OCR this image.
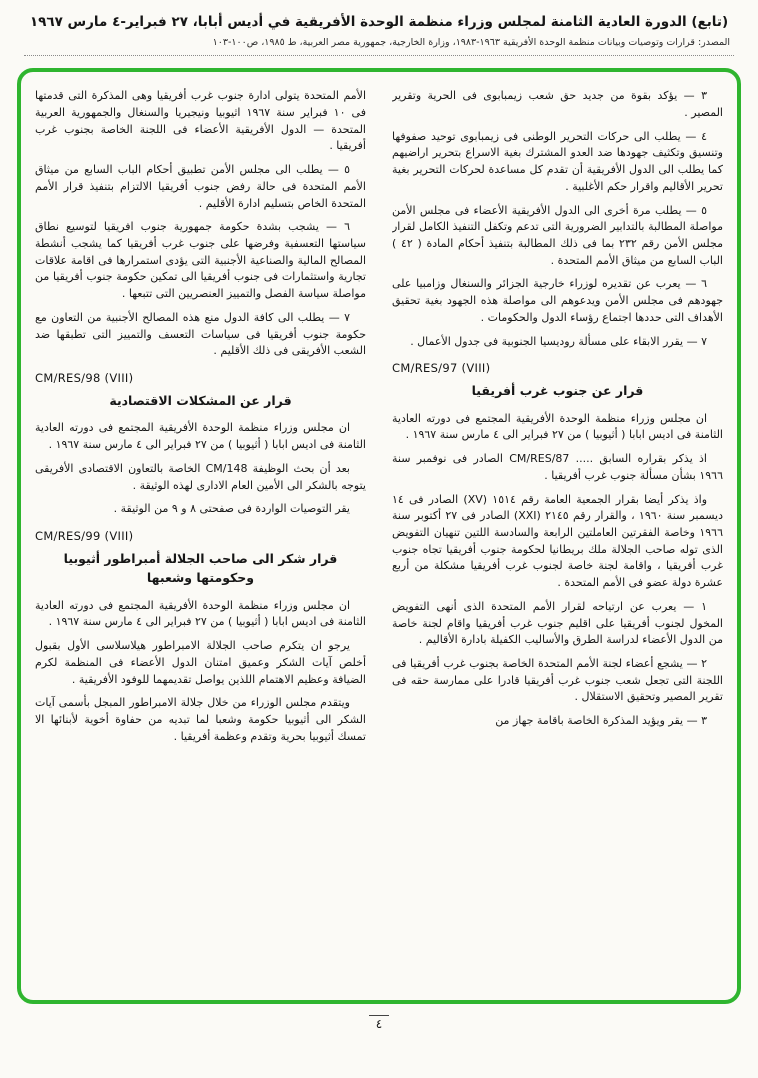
(تابع) الدورة العادية الثامنة لمجلس وزراء منظمة الوحدة الأفريقية في أديس أبابا، ٢٧ فبراير-٤ مارس ١٩٦٧
المصدر: قرارات وتوصيات وبيانات منظمة الوحدة الأفريقية ١٩٦٣-١٩٨٣، وزارة الخارجية، جمهورية مصر العربية، ط ١٩٨٥، ص١٠٠-١٠٣
٣ — يؤكد بقوة من جديد حق شعب زيمبابوى فى الحرية وتقرير المصير .
٤ — يطلب الى حركات التحرير الوطنى فى زيمبابوى توحيد صفوفها وتنسيق وتكثيف جهودها ضد العدو المشترك بغية الاسراع بتحرير اراضيهم كما يطلب الى الدول الأفريقية أن تقدم كل مساعدة لحركات التحرير بغية تحرير الأقاليم واقرار حكم الأغلبية .
٥ — يطلب مرة أخرى الى الدول الأفريقية الأعضاء فى مجلس الأمن مواصلة المطالبة بالتدابير الضرورية التى تدعم وتكفل التنفيذ الكامل لقرار مجلس الأمن رقم ٢٣٢ بما فى ذلك المطالبة بتنفيذ أحكام المادة ( ٤٢ ) الباب السابع من ميثاق الأمم المتحدة .
٦ — يعرب عن تقديره لوزراء خارجية الجزائر والسنغال وزامبيا على جهودهم فى مجلس الأمن ويدعوهم الى مواصلة هذه الجهود بغية تحقيق الأهداف التى حددها اجتماع رؤساء الدول والحكومات .
٧ — يقرر الابقاء على مسألة روديسيا الجنوبية فى جدول الأعمال .
CM/RES/97 (VIII)
قرار عن جنوب غرب أفريقيا
ان مجلس وزراء منظمة الوحدة الأفريقية المجتمع فى دورته العادية الثامنة فى اديس ابابا ( أثيوبيا ) من ٢٧ فبراير الى ٤ مارس سنة ١٩٦٧ .
اذ يذكر بقراره السابق ..... CM/RES/87 الصادر فى نوفمبر سنة ١٩٦٦ بشأن مسألة جنوب غرب أفريقيا .
واذ يذكر أيضا بقرار الجمعية العامة رقم ١٥١٤ (XV) الصادر فى ١٤ ديسمبر سنة ١٩٦٠ ، والقرار رقم ٢١٤٥ (XXI) الصادر فى ٢٧ أكتوبر سنة ١٩٦٦ وخاصة الفقرتين العاملتين الرابعة والسادسة اللتين تنهيان التفويض الذى توله صاحب الجلالة ملك بريطانيا لحكومة جنوب أفريقيا تجاه جنوب غرب أفريقيا ، واقامة لجنة خاصة لجنوب غرب أفريقيا مشكلة من أربع عشرة دولة عضو فى الأمم المتحدة .
١ — يعرب عن ارتياحه لقرار الأمم المتحدة الذى أنهى التفويض المخول لجنوب أفريقيا على اقليم جنوب غرب أفريقيا واقام لجنة خاصة من الدول الأعضاء لدراسة الطرق والأساليب الكفيلة بادارة الأقاليم .
٢ — يشجع أعضاء لجنة الأمم المتحدة الخاصة بجنوب غرب أفريقيا فى اللجنة التى تجعل شعب جنوب غرب أفريقيا قادرا على ممارسة حقه فى تقرير المصير وتحقيق الاستقلال .
٣ — يقر ويؤيد المذكرة الخاصة باقامة جهاز من
الأمم المتحدة يتولى ادارة جنوب غرب أفريقيا وهى المذكرة التى قدمتها فى ١٠ فبراير سنة ١٩٦٧ اثيوبيا ونيجيريا والسنغال والجمهورية العربية المتحدة — الدول الأفريقية الأعضاء فى اللجنة الخاصة بجنوب غرب أفريقيا .
٥ — يطلب الى مجلس الأمن تطبيق أحكام الباب السابع من ميثاق الأمم المتحدة فى حالة رفض جنوب أفريقيا الالتزام بتنفيذ قرار الأمم المتحدة الخاص بتسليم ادارة الأقليم .
٦ — يشجب بشدة حكومة جمهورية جنوب افريقيا لتوسيع نطاق سياستها التعسفية وفرضها على جنوب غرب أفريقيا كما يشجب أنشطة المصالح المالية والصناعية الأجنبية التى يؤدى استمرارها فى اقامة علاقات تجارية واستثمارات فى جنوب أفريقيا الى تمكين حكومة جنوب أفريقيا من مواصلة سياسة الفصل والتمييز العنصريين التى تتبعها .
٧ — يطلب الى كافة الدول منع هذه المصالح الأجنبية من التعاون مع حكومة جنوب أفريقيا فى سياسات التعسف والتمييز التى تطبقها ضد الشعب الأفريقى فى ذلك الأقليم .
CM/RES/98 (VIII)
قرار عن المشكلات الاقتصادية
ان مجلس وزراء منظمة الوحدة الأفريقية المجتمع فى دورته العادية الثامنة فى اديس ابابا ( أثيوبيا ) من ٢٧ فبراير الى ٤ مارس سنة ١٩٦٧ .
بعد أن بحث الوظيفة CM/148 الخاصة بالتعاون الاقتصادى الأفريقى يتوجه بالشكر الى الأمين العام الادارى لهذه الوثيقة .
يقر التوصيات الواردة فى صفحتى ٨ و ٩ من الوثيقة .
CM/RES/99 (VIII)
قرار شكر الى صاحب الجلالة أمبراطور أثيوبيا وحكومتها وشعبها
ان مجلس وزراء منظمة الوحدة الأفريقية المجتمع فى دورته العادية الثامنة فى اديس ابابا ( أثيوبيا ) من ٢٧ فبراير الى ٤ مارس سنة ١٩٦٧ .
يرجو ان يتكرم صاحب الجلالة الامبراطور هيلاسلاسى الأول بقبول أخلص آيات الشكر وعميق امتنان الدول الأعضاء فى المنظمة لكرم الضيافة وعظيم الاهتمام اللذين يواصل تقديمهما للوفود الأفريقية .
ويتقدم مجلس الوزراء من خلال جلالة الامبراطور المبجل بأسمى آيات الشكر الى أثيوبيا حكومة وشعبا لما تبديه من حفاوة أخوية لأبنائها الا تمسك أثيوبيا بحرية وتقدم وعظمة أفريقيا .
٤
